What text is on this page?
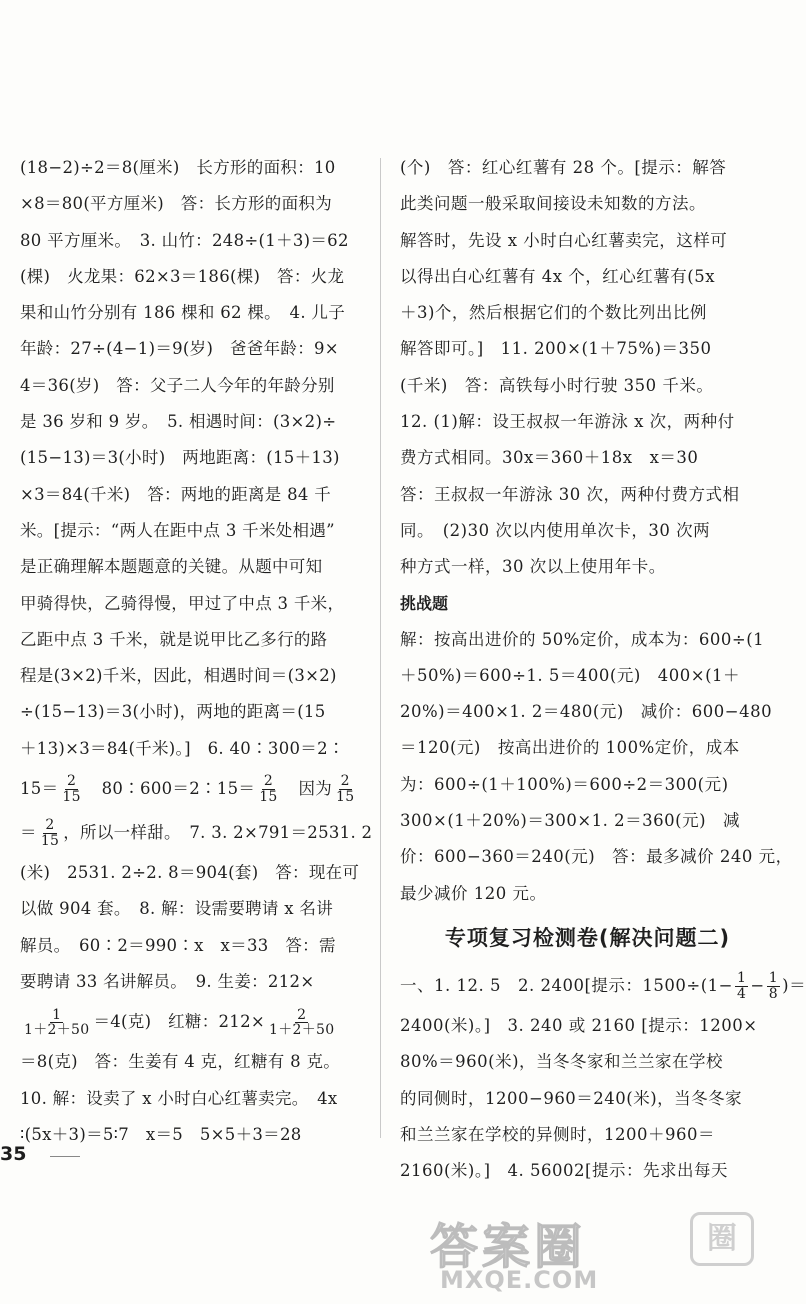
(18−2)÷2＝8(厘米)　长方形的面积：10
×8＝80(平方厘米)　答：长方形的面积为
80 平方厘米。　3. 山竹：248÷(1＋3)＝62
(棵)　火龙果：62×3＝186(棵)　答：火龙
果和山竹分别有 186 棵和 62 棵。　4. 儿子
年龄：27÷(4−1)＝9(岁)　爸爸年龄：9×
4＝36(岁)　答：父子二人今年的年龄分别
是 36 岁和 9 岁。　5. 相遇时间：(3×2)÷
(15−13)＝3(小时)　两地距离：(15＋13)
×3＝84(千米)　答：两地的距离是 84 千
米。[提示：“两人在距中点 3 千米处相遇”
是正确理解本题题意的关键。从题中可知
甲骑得快，乙骑得慢，甲过了中点 3 千米，
乙距中点 3 千米，就是说甲比乙多行的路
程是(3×2)千米，因此，相遇时间＝(3×2)
÷(15−13)＝3(小时)，两地的距离＝(15
＋13)×3＝84(千米)。]　6. 40∶300＝2∶
$15= \frac{2}{15}$ 　80∶600＝2∶15＝ $\frac{2}{15}$ 　因为 $\frac{2}{15}$
＝ $\frac{2}{15}$ ，所以一样甜。　7. 3. 2×791＝2531. 2
(米)　2531. 2÷2. 8＝904(套)　答：现在可
以做 904 套。　8. 解：设需要聘请 x 名讲
解员。　60∶2＝990∶x　x＝33　答：需
要聘请 33 名讲解员。　9. 生姜：212×
$\frac{1}{1+2+50} =4$(克)　红糖：$212\times \frac{2}{1+2+50}$
＝8(克)　答：生姜有 4 克，红糖有 8 克。
10. 解：设卖了 x 小时白心红薯卖完。　4x
∶(5x＋3)＝5∶7　x＝5　5×5＋3＝28
(个)　答：红心红薯有 28 个。[提示：解答
此类问题一般采取间接设未知数的方法。
解答时，先设 x 小时白心红薯卖完，这样可
以得出白心红薯有 4x 个，红心红薯有(5x
＋3)个，然后根据它们的个数比列出比例
解答即可。]　11. 200×(1＋75%)＝350
(千米)　答：高铁每小时行驶 350 千米。
12. (1)解：设王叔叔一年游泳 x 次，两种付
费方式相同。30x＝360＋18x　x＝30
答：王叔叔一年游泳 30 次，两种付费方式相
同。　(2)30 次以内使用单次卡，30 次两
种方式一样，30 次以上使用年卡。
挑战题
解：按高出进价的 50%定价，成本为：600÷(1
＋50%)＝600÷1. 5＝400(元)　400×(1＋
20%)＝400×1. 2＝480(元)　减价：600−480
＝120(元)　按高出进价的 100%定价，成本
为：600÷(1＋100%)＝600÷2＝300(元)
300×(1＋20%)＝300×1. 2＝360(元)　减
价：600−360＝240(元)　答：最多减价 240 元，
最少减价 120 元。
专项复习检测卷(解决问题二)
一、1. 12. 5　2. 2400[提示：$1500\div(1- \frac{1}{4} - \frac{1}{8}$ )＝
2400(米)。]　3. 240 或 2160 [提示：1200×
80%＝960(米)，当冬冬家和兰兰家在学校
的同侧时，1200−960＝240(米)，当冬冬家
和兰兰家在学校的异侧时，1200＋960＝
2160(米)。]　4. 56002[提示：先求出每天
35
答案圈	圈
MXQE.COM
